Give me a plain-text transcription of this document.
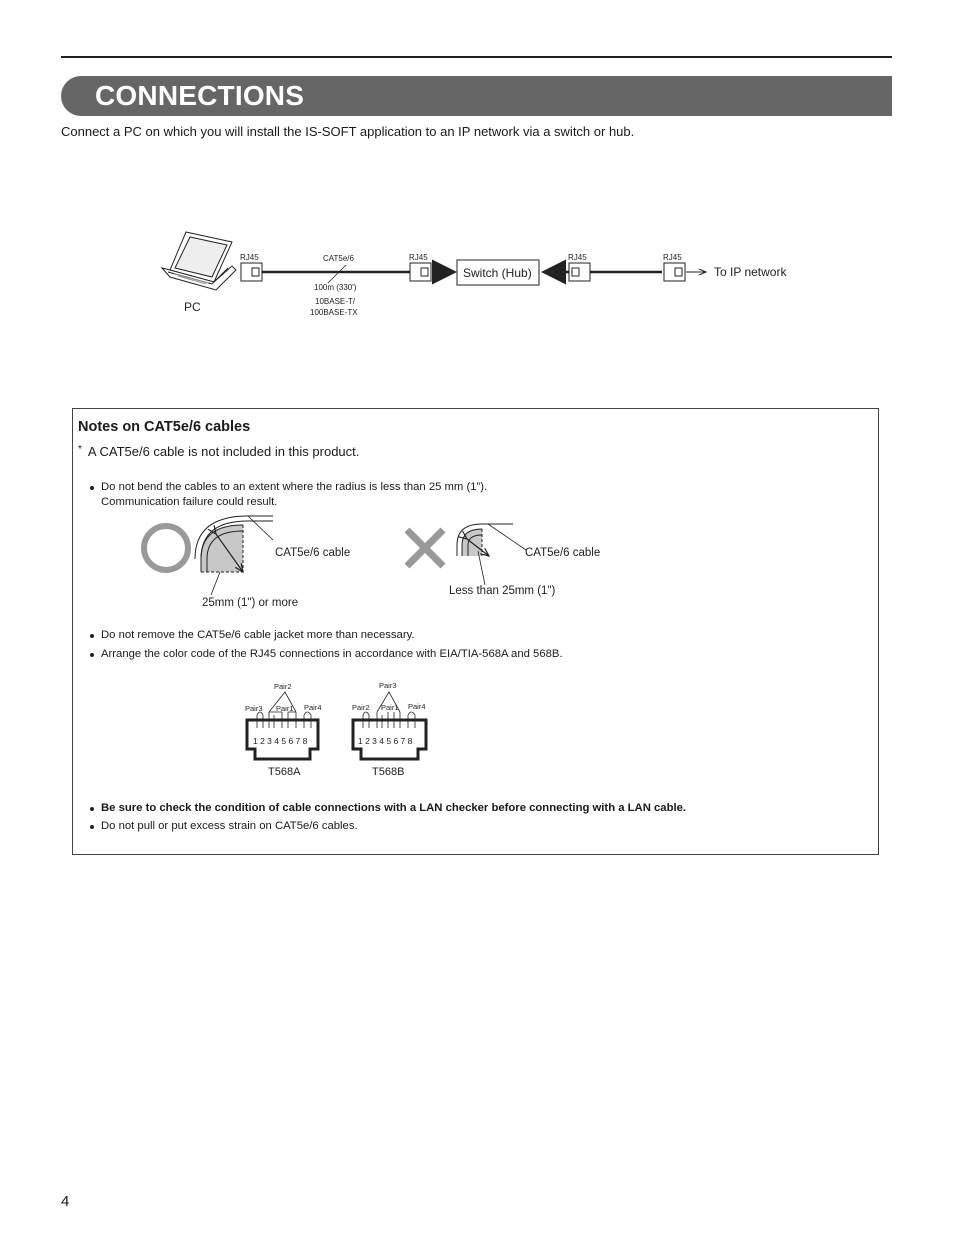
CONNECTIONS
Connect a PC on which you will install the IS-SOFT application to an IP network via a switch or hub.
PC
RJ45	RJ45	RJ45	RJ45
CAT5e/6
100m (330')
10BASE-T/
100BASE-TX
Switch (Hub)	To IP network
Notes on CAT5e/6 cables
* A CAT5e/6 cable is not included in this product.
Do not bend the cables to an extent where the radius is less than 25 mm (1”).
Communication failure could result.
CAT5e/6 cable
25mm (1") or more
CAT5e/6 cable
Less than 25mm (1")
1 2 3 4 5 6 7 8
Pair2
Pair3 Pair1 Pair4
T568A
1 2 3 4 5 6 7 8
Pair3
Pair2 Pair1 Pair4
T568B
Do not remove the CAT5e/6 cable jacket more than necessary.
Arrange the color code of the RJ45 connections in accordance with EIA/TIA-568A and 568B.
Be sure to check the condition of cable connections with a LAN checker before connecting with a LAN cable.
Do not pull or put excess strain on CAT5e/6 cables.
4
